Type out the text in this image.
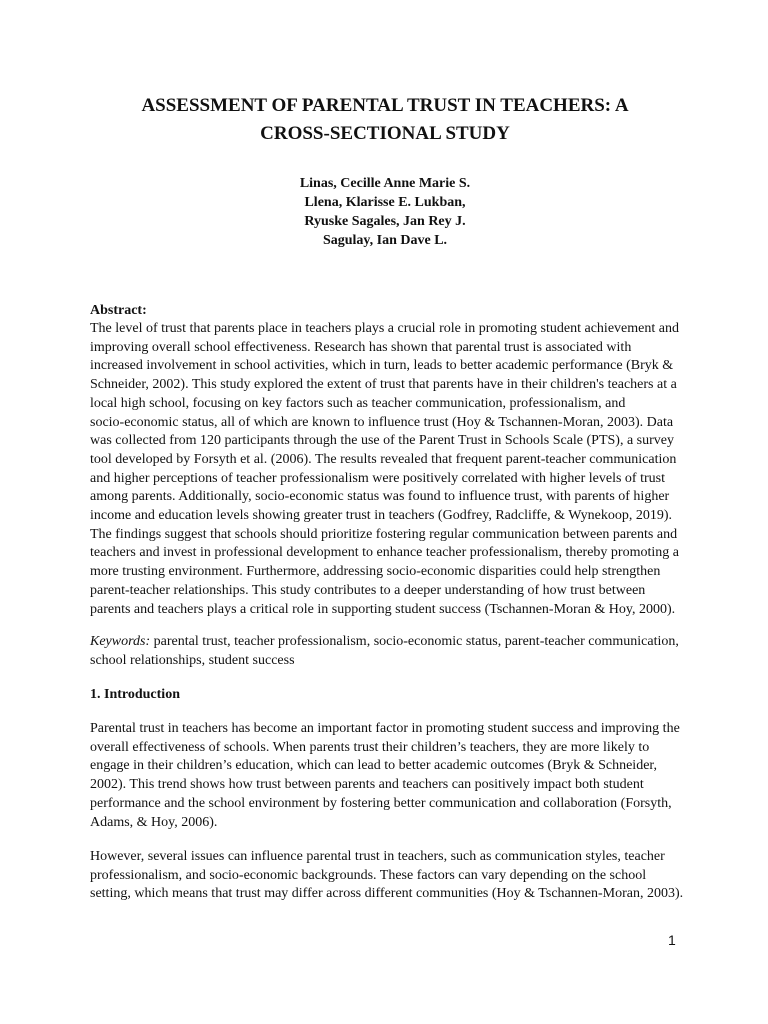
ASSESSMENT OF PARENTAL TRUST IN TEACHERS: A
CROSS-SECTIONAL STUDY
Linas, Cecille Anne Marie S.
Llena, Klarisse E. Lukban,
Ryuske Sagales, Jan Rey J.
Sagulay, Ian Dave L.
Abstract:

The level of trust that parents place in teachers plays a crucial role in promoting student achievement and
improving overall school effectiveness. Research has shown that parental trust is associated with
increased involvement in school activities, which in turn, leads to better academic performance (Bryk &
Schneider, 2002). This study explored the extent of trust that parents have in their children's teachers at a
local high school, focusing on key factors such as teacher communication, professionalism, and
socio-economic status, all of which are known to influence trust (Hoy & Tschannen-Moran, 2003). Data
was collected from 120 participants through the use of the Parent Trust in Schools Scale (PTS), a survey
tool developed by Forsyth et al. (2006). The results revealed that frequent parent-teacher communication
and higher perceptions of teacher professionalism were positively correlated with higher levels of trust
among parents. Additionally, socio-economic status was found to influence trust, with parents of higher
income and education levels showing greater trust in teachers (Godfrey, Radcliffe, & Wynekoop, 2019).
The findings suggest that schools should prioritize fostering regular communication between parents and
teachers and invest in professional development to enhance teacher professionalism, thereby promoting a
more trusting environment. Furthermore, addressing socio-economic disparities could help strengthen
parent-teacher relationships. This study contributes to a deeper understanding of how trust between
parents and teachers plays a critical role in supporting student success (Tschannen-Moran & Hoy, 2000).

Keywords: parental trust, teacher professionalism, socio-economic status, parent-teacher communication,
school relationships, student success

1. Introduction

Parental trust in teachers has become an important factor in promoting student success and improving the
overall effectiveness of schools. When parents trust their children’s teachers, they are more likely to
engage in their children’s education, which can lead to better academic outcomes (Bryk & Schneider,
2002). This trend shows how trust between parents and teachers can positively impact both student
performance and the school environment by fostering better communication and collaboration (Forsyth,
Adams, & Hoy, 2006).

However, several issues can influence parental trust in teachers, such as communication styles, teacher
professionalism, and socio-economic backgrounds. These factors can vary depending on the school
setting, which means that trust may differ across different communities (Hoy & Tschannen-Moran, 2003).

1
